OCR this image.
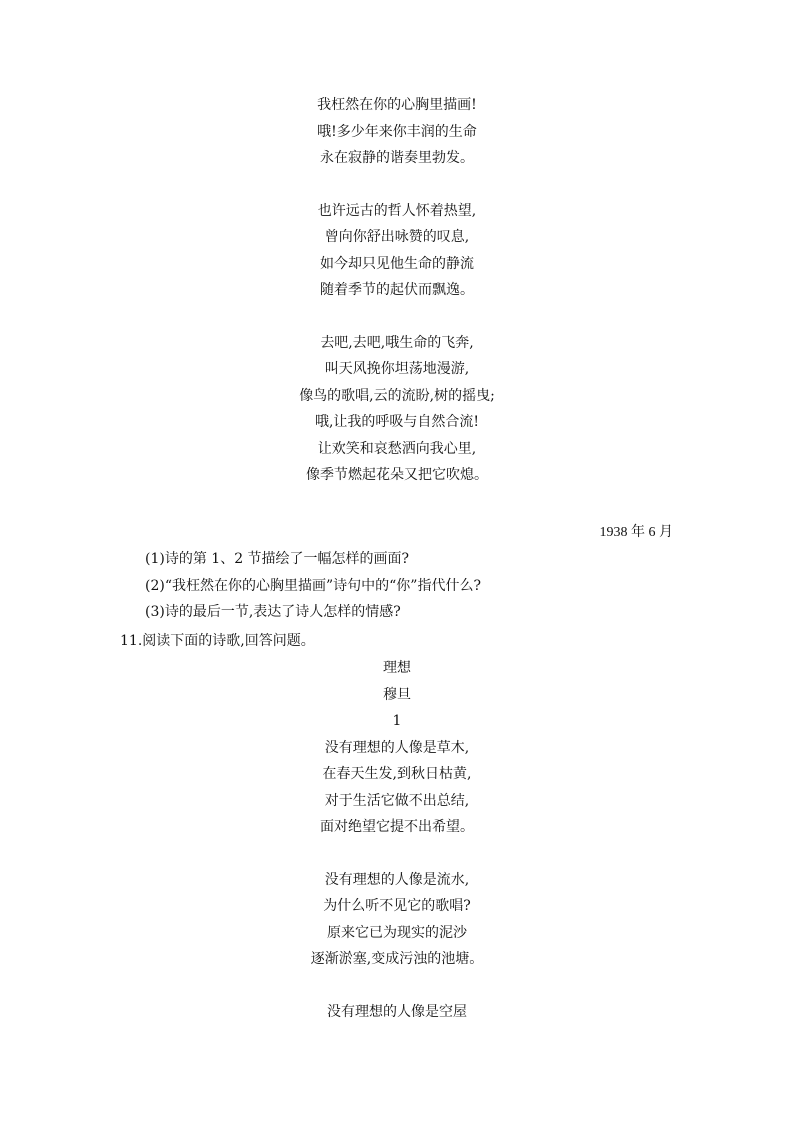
我枉然在你的心胸里描画!
哦!多少年来你丰润的生命
永在寂静的谐奏里勃发。
也许远古的哲人怀着热望,
曾向你舒出咏赞的叹息,
如今却只见他生命的静流
随着季节的起伏而飘逸。
去吧,去吧,哦生命的飞奔,
叫天风挽你坦荡地漫游,
像鸟的歌唱,云的流盼,树的摇曳;
哦,让我的呼吸与自然合流!
让欢笑和哀愁洒向我心里,
像季节燃起花朵又把它吹熄。
1938 年 6 月
(1)诗的第 1、2 节描绘了一幅怎样的画面?
(2)“我枉然在你的心胸里描画”诗句中的“你”指代什么?
(3)诗的最后一节,表达了诗人怎样的情感?
11.阅读下面的诗歌,回答问题。
理想
穆旦
1
没有理想的人像是草木,
在春天生发,到秋日枯黄,
对于生活它做不出总结,
面对绝望它提不出希望。
没有理想的人像是流水,
为什么听不见它的歌唱?
原来它已为现实的泥沙
逐渐淤塞,变成污浊的池塘。
没有理想的人像是空屋
